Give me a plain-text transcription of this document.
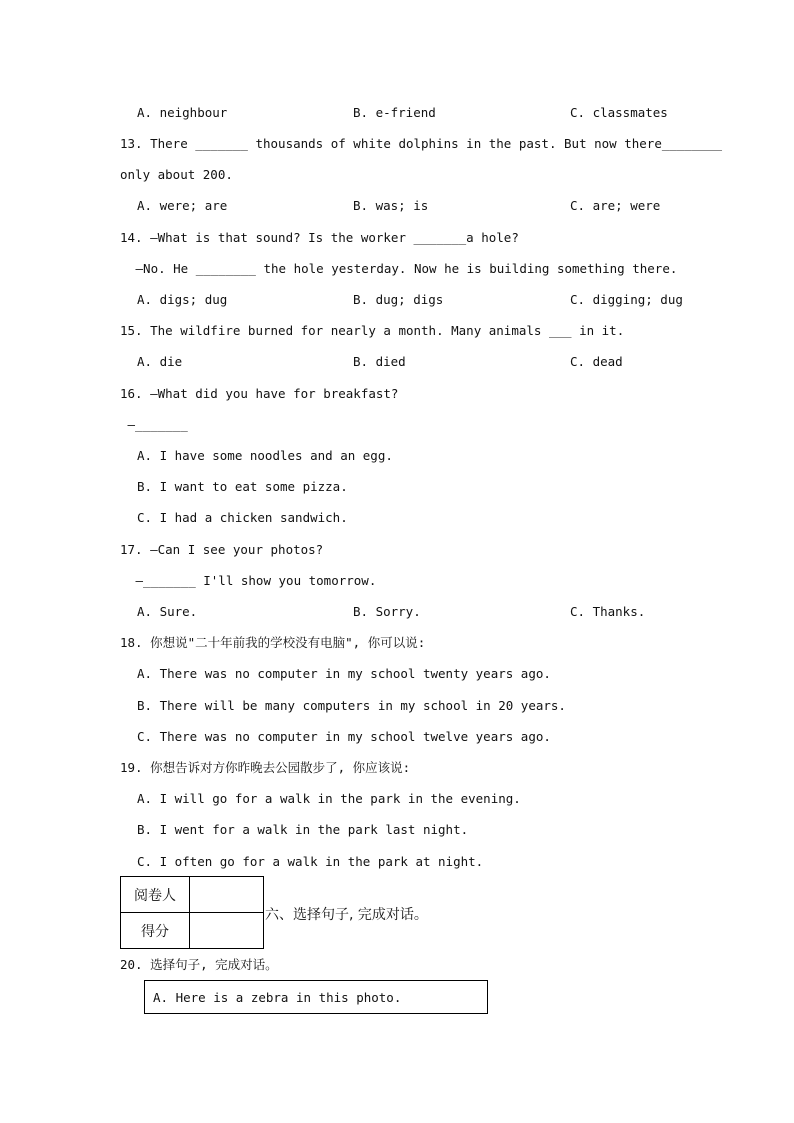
A. neighbour	B. e-friend	C. classmates
13. There _______ thousands of white dolphins in the past. But now there________
only about 200.
A. were; are	B. was; is	C. are; were
14. —What is that sound? Is the worker _______a hole?
—No. He ________ the hole yesterday. Now he is building something there.
A. digs; dug	B. dug; digs	C. digging; dug
15. The wildfire burned for nearly a month. Many animals ___ in it.
A. die	B. died	C. dead
16. —What did you have for breakfast?
—_______
A. I have some noodles and an egg.
B. I want to eat some pizza.
C. I had a chicken sandwich.
17. —Can I see your photos?
—_______ I'll show you tomorrow.
A. Sure.	B. Sorry.	C. Thanks.
18. 你想说"二十年前我的学校没有电脑", 你可以说:
A. There was no computer in my school twenty years ago.
B. There will be many computers in my school in 20 years.
C. There was no computer in my school twelve years ago.
19. 你想告诉对方你昨晚去公园散步了, 你应该说:
A. I will go for a walk in the park in the evening.
B. I went for a walk in the park last night.
C. I often go for a walk in the park at night.
阅卷人	
得分	
六、选择句子, 完成对话。
20. 选择句子, 完成对话。
A. Here is a zebra in this photo.
